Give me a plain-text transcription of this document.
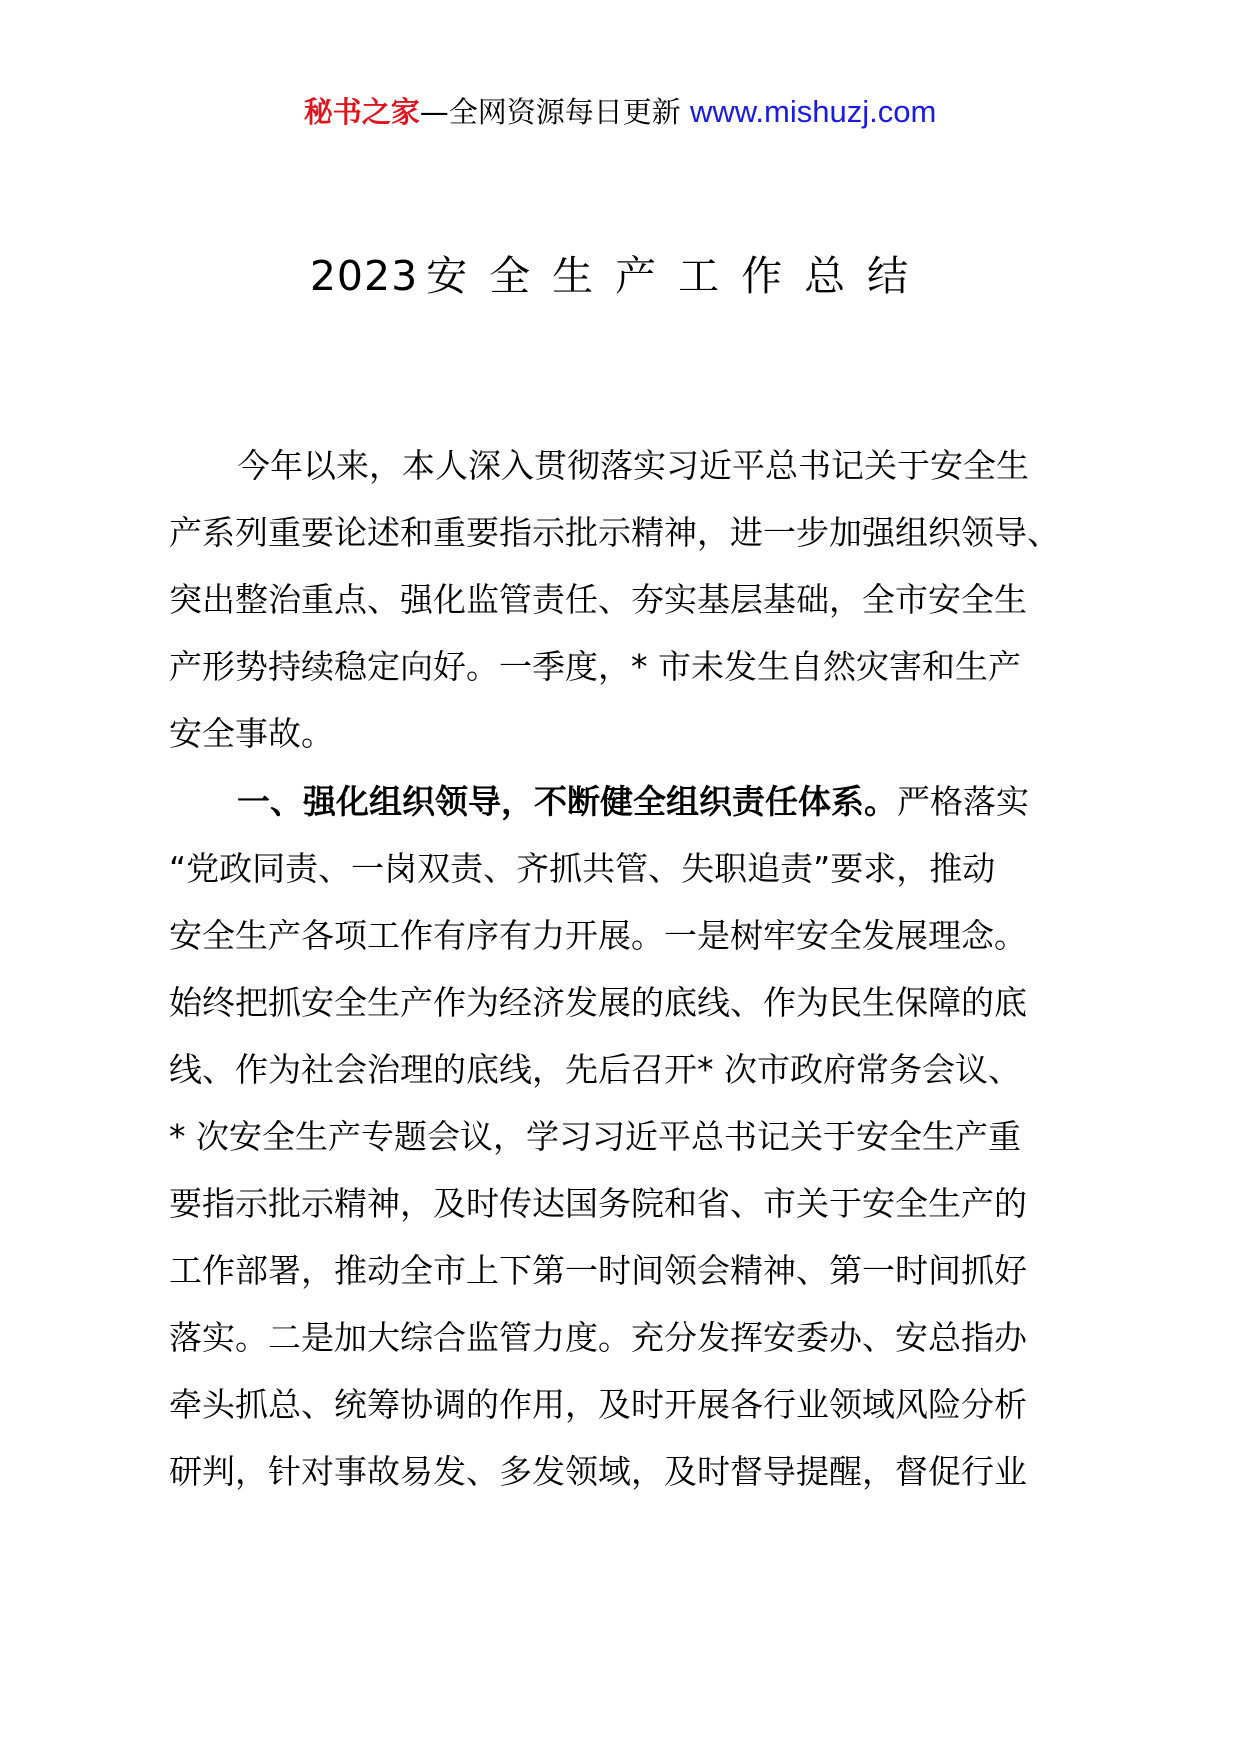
秘书之家—全网资源每日更新 www.mishuzj.com
2023 安全生产工作总结
今年以来，本人深入贯彻落实习近平总书记关于安全生
产系列重要论述和重要指示批示精神，进一步加强组织领导、
突出整治重点、强化监管责任、夯实基层基础，全市安全生
产形势持续稳定向好。一季度，* 市未发生自然灾害和生产
安全事故。
一、强化组织领导，不断健全组织责任体系。 严格落实
“党政同责、一岗双责、齐抓共管、失职追责”要求，推动
安全生产各项工作有序有力开展。一是树牢安全发展理念。
始终把抓安全生产作为经济发展的底线、作为民生保障的底
线、作为社会治理的底线，先后召开* 次市政府常务会议、
* 次安全生产专题会议，学习习近平总书记关于安全生产重
要指示批示精神，及时传达国务院和省、市关于安全生产的
工作部署，推动全市上下第一时间领会精神、第一时间抓好
落实。二是加大综合监管力度。充分发挥安委办、安总指办
牵头抓总、统筹协调的作用，及时开展各行业领域风险分析
研判，针对事故易发、多发领域，及时督导提醒，督促行业
